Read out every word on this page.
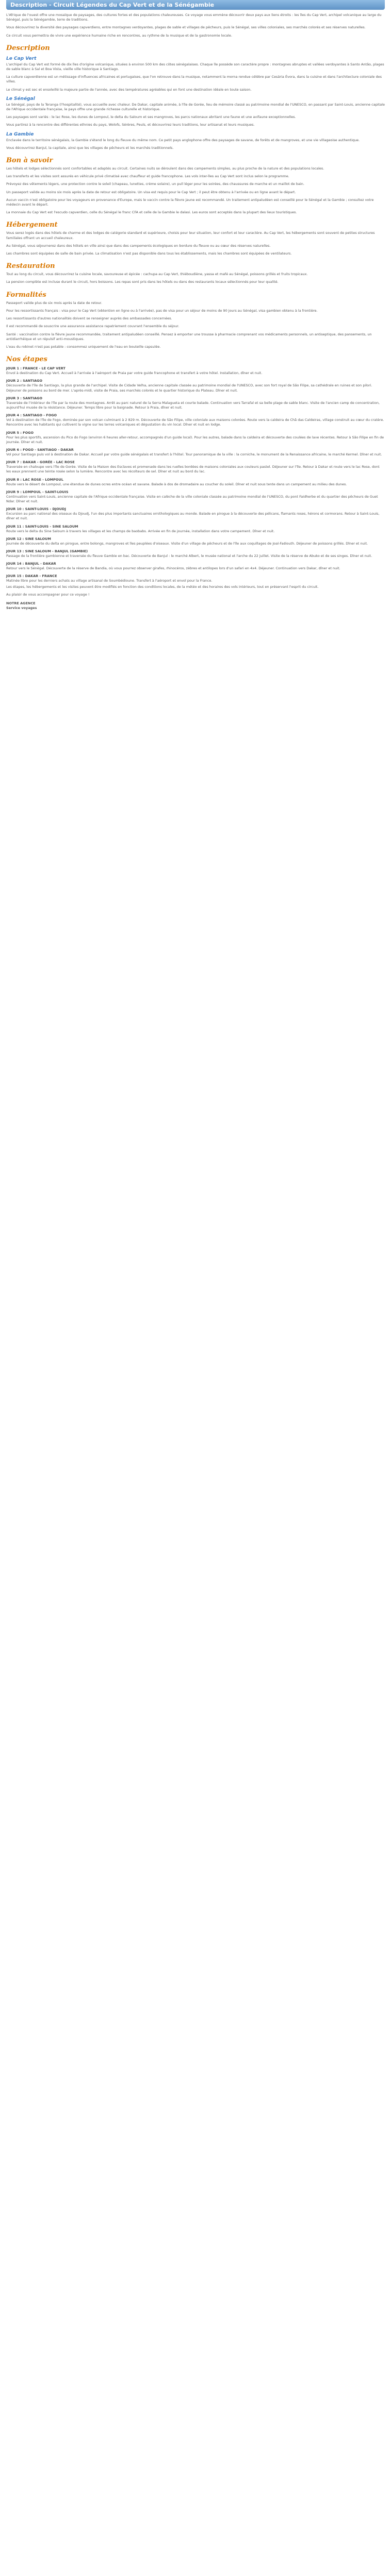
Description - Circuit Légendes du Cap Vert et de la Sénégambie

L'Afrique de l'ouest offre une mosaïque de paysages, des cultures fortes et des populations chaleureuses. Ce voyage vous emmène découvrir deux pays aux liens étroits : les îles du Cap Vert, archipel volcanique au large du Sénégal, puis la Sénégambie, terre de traditions.

Vous découvrirez la diversité des paysages capverdiens, entre montagnes verdoyantes, plages de sable et villages de pêcheurs, puis le Sénégal, ses villes coloniales, ses marchés colorés et ses réserves naturelles.

Ce circuit vous permettra de vivre une expérience humaine riche en rencontres, au rythme de la musique et de la gastronomie locale.

Description
Le Cap Vert

L'archipel du Cap Vert est formé de dix îles d'origine volcanique, situées à environ 500 km des côtes sénégalaises. Chaque île possède son caractère propre : montagnes abruptes et vallées verdoyantes à Santo Antão, plages de sable blanc à Sal et Boa Vista, vieille ville historique à Santiago.

La culture capverdienne est un métissage d'influences africaines et portugaises, que l'on retrouve dans la musique, notamment la morna rendue célèbre par Cesária Évora, dans la cuisine et dans l'architecture coloniale des villes.

Le climat y est sec et ensoleillé la majeure partie de l'année, avec des températures agréables qui en font une destination idéale en toute saison.

Le Sénégal

Le Sénégal, pays de la Teranga (l'hospitalité), vous accueille avec chaleur. De Dakar, capitale animée, à l'île de Gorée, lieu de mémoire classé au patrimoine mondial de l'UNESCO, en passant par Saint-Louis, ancienne capitale de l'Afrique occidentale française, le pays offre une grande richesse culturelle et historique.

Les paysages sont variés : le lac Rose, les dunes de Lompoul, le delta du Saloum et ses mangroves, les parcs nationaux abritant une faune et une avifaune exceptionnelles.

Vous partirez à la rencontre des différentes ethnies du pays, Wolofs, Sérères, Peuls, et découvrirez leurs traditions, leur artisanat et leurs musiques.

La Gambie

Enclavée dans le territoire sénégalais, la Gambie s'étend le long du fleuve du même nom. Ce petit pays anglophone offre des paysages de savane, de forêts et de mangroves, et une vie villageoise authentique.

Vous découvrirez Banjul, la capitale, ainsi que les villages de pêcheurs et les marchés traditionnels.

Bon à savoir

Les hôtels et lodges sélectionnés sont confortables et adaptés au circuit. Certaines nuits se déroulent dans des campements simples, au plus proche de la nature et des populations locales.

Les transferts et les visites sont assurés en véhicule privé climatisé avec chauffeur et guide francophone. Les vols inter-îles au Cap Vert sont inclus selon le programme.

Prévoyez des vêtements légers, une protection contre le soleil (chapeau, lunettes, crème solaire), un pull léger pour les soirées, des chaussures de marche et un maillot de bain.

Un passeport valide au moins six mois après la date de retour est obligatoire. Un visa est requis pour le Cap Vert ; il peut être obtenu à l'arrivée ou en ligne avant le départ.

Aucun vaccin n'est obligatoire pour les voyageurs en provenance d'Europe, mais le vaccin contre la fièvre jaune est recommandé. Un traitement antipaludéen est conseillé pour le Sénégal et la Gambie ; consultez votre médecin avant le départ.

La monnaie du Cap Vert est l'escudo capverdien, celle du Sénégal le franc CFA et celle de la Gambie le dalasi. Les euros sont acceptés dans la plupart des lieux touristiques.

Hébergement

Vous serez logés dans des hôtels de charme et des lodges de catégorie standard et supérieure, choisis pour leur situation, leur confort et leur caractère. Au Cap Vert, les hébergements sont souvent de petites structures familiales offrant un accueil chaleureux.

Au Sénégal, vous séjournerez dans des hôtels en ville ainsi que dans des campements écologiques en bordure du fleuve ou au cœur des réserves naturelles.

Les chambres sont équipées de salle de bain privée. La climatisation n'est pas disponible dans tous les établissements, mais les chambres sont équipées de ventilateurs.

Restauration

Tout au long du circuit, vous découvrirez la cuisine locale, savoureuse et épicée : cachupa au Cap Vert, thiéboudiène, yassa et mafé au Sénégal, poissons grillés et fruits tropicaux.

La pension complète est incluse durant le circuit, hors boissons. Les repas sont pris dans les hôtels ou dans des restaurants locaux sélectionnés pour leur qualité.

Formalités

Passeport valide plus de six mois après la date de retour.

Pour les ressortissants français : visa pour le Cap Vert (obtention en ligne ou à l'arrivée), pas de visa pour un séjour de moins de 90 jours au Sénégal, visa gambien obtenu à la frontière.

Les ressortissants d'autres nationalités doivent se renseigner auprès des ambassades concernées.

Il est recommandé de souscrire une assurance assistance rapatriement couvrant l'ensemble du séjour.

Santé : vaccination contre la fièvre jaune recommandée, traitement antipaludéen conseillé. Pensez à emporter une trousse à pharmacie comprenant vos médicaments personnels, un antiseptique, des pansements, un antidiarrhéique et un répulsif anti-moustiques.

L'eau du robinet n'est pas potable : consommez uniquement de l'eau en bouteille capsulée.

Nos étapes
JOUR 1 : FRANCE - LE CAP VERT

Envol à destination du Cap Vert. Accueil à l'arrivée à l'aéroport de Praia par votre guide francophone et transfert à votre hôtel. Installation, dîner et nuit.

JOUR 2 : SANTIAGO

Découverte de l'île de Santiago, la plus grande de l'archipel. Visite de Cidade Velha, ancienne capitale classée au patrimoine mondial de l'UNESCO, avec son fort royal de São Filipe, sa cathédrale en ruines et son pilori. Déjeuner de poissons au bord de mer. L'après-midi, visite de Praia, ses marchés colorés et le quartier historique du Plateau. Dîner et nuit.

JOUR 3 : SANTIAGO

Traversée de l'intérieur de l'île par la route des montagnes. Arrêt au parc naturel de la Serra Malagueta et courte balade. Continuation vers Tarrafal et sa belle plage de sable blanc. Visite de l'ancien camp de concentration, aujourd'hui musée de la résistance. Déjeuner. Temps libre pour la baignade. Retour à Praia, dîner et nuit.

JOUR 4 : SANTIAGO - FOGO

Vol à destination de l'île de Fogo, dominée par son volcan culminant à 2 829 m. Découverte de São Filipe, ville coloniale aux maisons colorées. Route vers la caldeira de Chã das Caldeiras, village construit au cœur du cratère. Rencontre avec les habitants qui cultivent la vigne sur les terres volcaniques et dégustation du vin local. Dîner et nuit en lodge.

JOUR 5 : FOGO

Pour les plus sportifs, ascension du Pico do Fogo (environ 6 heures aller-retour, accompagnés d'un guide local). Pour les autres, balade dans la caldeira et découverte des coulées de lave récentes. Retour à São Filipe en fin de journée. Dîner et nuit.

JOUR 6 : FOGO - SANTIAGO - DAKAR

Vol pour Santiago puis vol à destination de Dakar. Accueil par votre guide sénégalais et transfert à l'hôtel. Tour panoramique de la ville : la corniche, le monument de la Renaissance africaine, le marché Kermel. Dîner et nuit.

JOUR 7 : DAKAR - GORÉE - LAC ROSE

Traversée en chaloupe vers l'île de Gorée. Visite de la Maison des Esclaves et promenade dans les ruelles bordées de maisons coloniales aux couleurs pastel. Déjeuner sur l'île. Retour à Dakar et route vers le lac Rose, dont les eaux prennent une teinte rosée selon la lumière. Rencontre avec les récolteurs de sel. Dîner et nuit au bord du lac.

JOUR 8 : LAC ROSE - LOMPOUL

Route vers le désert de Lompoul, une étendue de dunes ocres entre océan et savane. Balade à dos de dromadaire au coucher du soleil. Dîner et nuit sous tente dans un campement au milieu des dunes.

JOUR 9 : LOMPOUL - SAINT-LOUIS

Continuation vers Saint-Louis, ancienne capitale de l'Afrique occidentale française. Visite en calèche de la ville coloniale classée au patrimoine mondial de l'UNESCO, du pont Faidherbe et du quartier des pêcheurs de Guet Ndar. Dîner et nuit.

JOUR 10 : SAINT-LOUIS - DJOUDJ

Excursion au parc national des oiseaux du Djoudj, l'un des plus importants sanctuaires ornithologiques au monde. Balade en pirogue à la découverte des pélicans, flamants roses, hérons et cormorans. Retour à Saint-Louis, dîner et nuit.

JOUR 11 : SAINT-LOUIS - SINE SALOUM

Route vers le delta du Sine Saloum à travers les villages et les champs de baobabs. Arrivée en fin de journée, installation dans votre campement. Dîner et nuit.

JOUR 12 : SINE SALOUM

Journée de découverte du delta en pirogue, entre bolongs, mangroves et îles peuplées d'oiseaux. Visite d'un village de pêcheurs et de l'île aux coquillages de Joal-Fadiouth. Déjeuner de poissons grillés. Dîner et nuit.

JOUR 13 : SINE SALOUM - BANJUL (GAMBIE)

Passage de la frontière gambienne et traversée du fleuve Gambie en bac. Découverte de Banjul : le marché Albert, le musée national et l'arche du 22 juillet. Visite de la réserve de Abuko et de ses singes. Dîner et nuit.

JOUR 14 : BANJUL - DAKAR

Retour vers le Sénégal. Découverte de la réserve de Bandia, où vous pourrez observer girafes, rhinocéros, zèbres et antilopes lors d'un safari en 4x4. Déjeuner. Continuation vers Dakar, dîner et nuit.

JOUR 15 : DAKAR - FRANCE

Matinée libre pour les derniers achats au village artisanal de Soumbédioune. Transfert à l'aéroport et envol pour la France.

Les étapes, les hébergements et les visites peuvent être modifiés en fonction des conditions locales, de la météo et des horaires des vols intérieurs, tout en préservant l'esprit du circuit.

Au plaisir de vous accompagner pour ce voyage !

NOTRE AGENCE
Service voyages
